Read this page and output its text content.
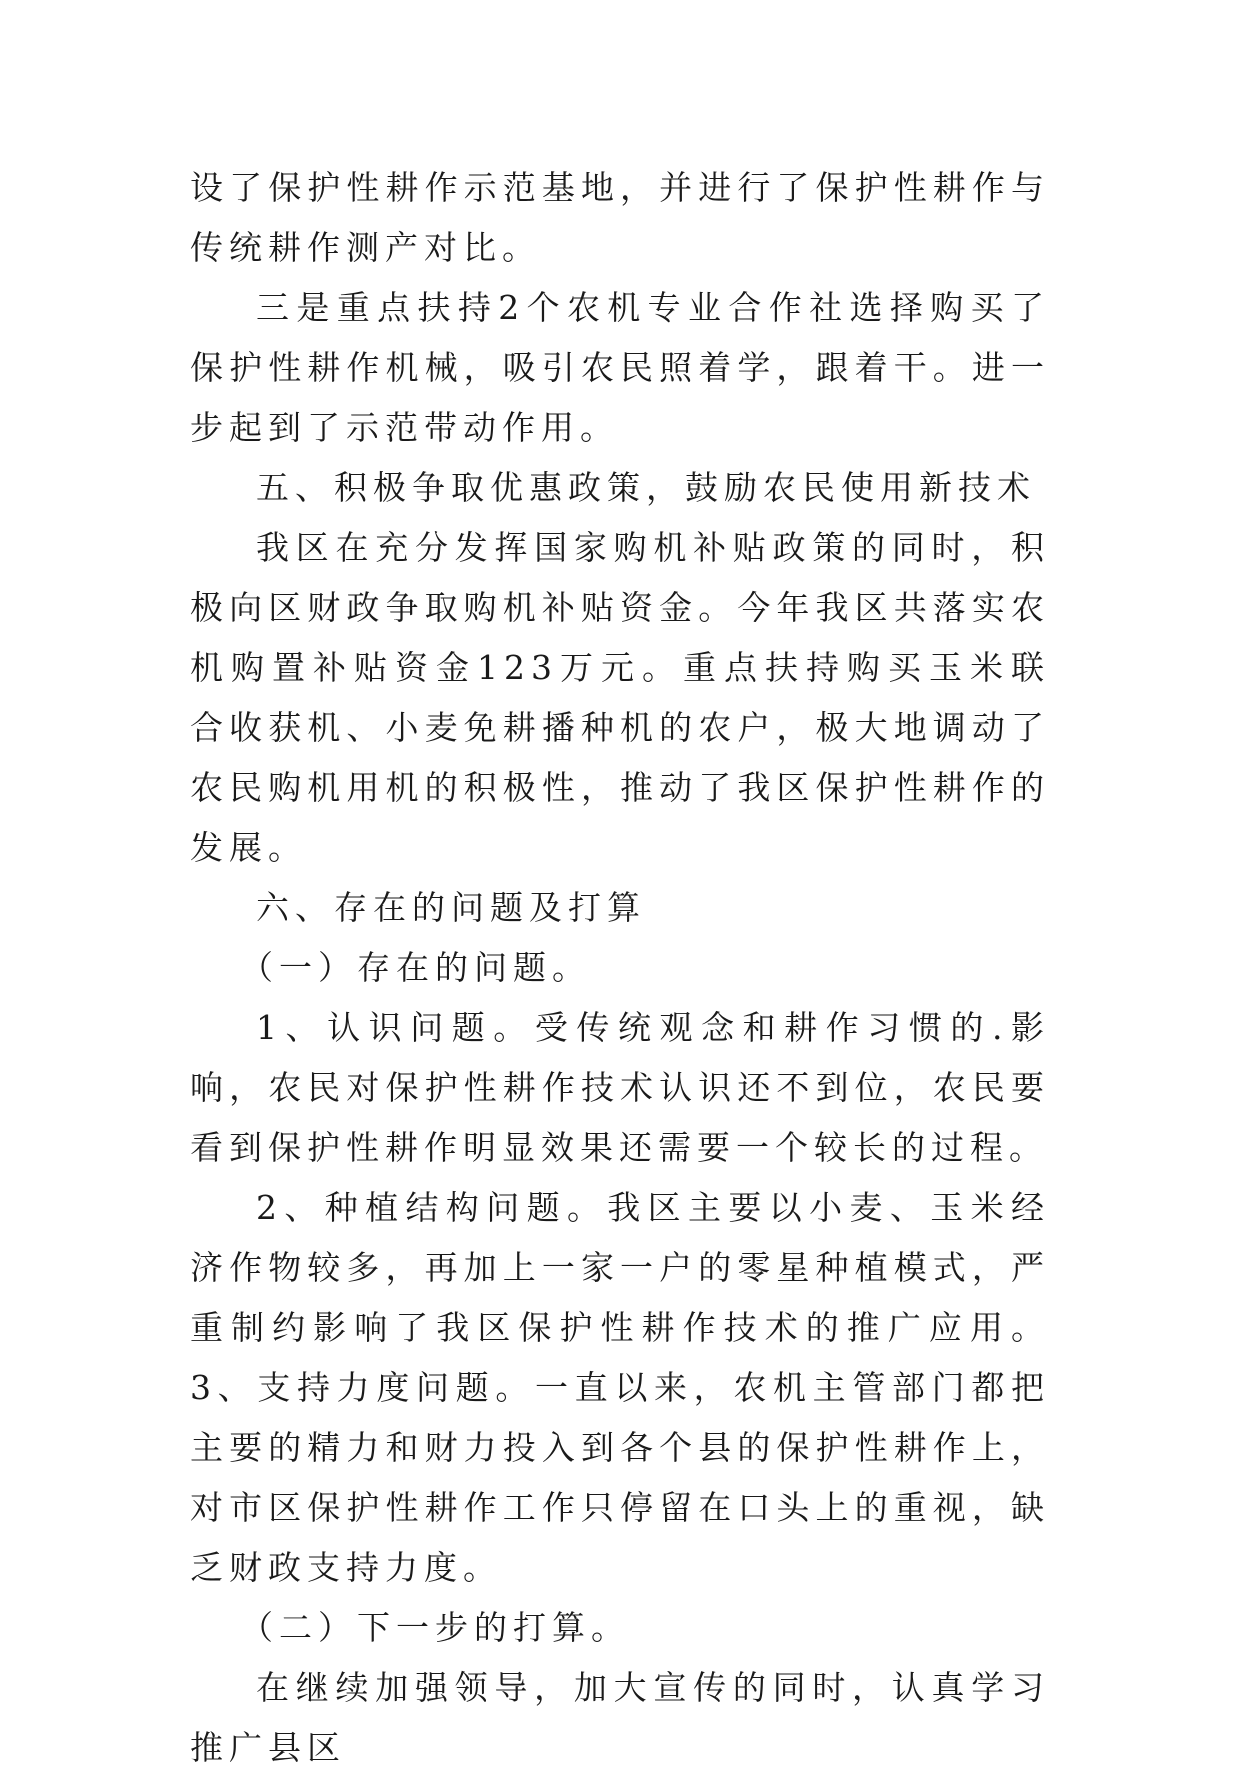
设了保护性耕作示范基地，并进行了保护性耕作与传统耕作测产对比。

三是重点扶持2个农机专业合作社选择购买了保护性耕作机械，吸引农民照着学，跟着干。进一步起到了示范带动作用。

五、积极争取优惠政策，鼓励农民使用新技术

我区在充分发挥国家购机补贴政策的同时，积极向区财政争取购机补贴资金。今年我区共落实农机购置补贴资金123万元。重点扶持购买玉米联合收获机、小麦免耕播种机的农户，极大地调动了农民购机用机的积极性，推动了我区保护性耕作的发展。

六、存在的问题及打算

（一）存在的问题。

1、认识问题。受传统观念和耕作习惯的.影响，农民对保护性耕作技术认识还不到位，农民要看到保护性耕作明显效果还需要一个较长的过程。

2、种植结构问题。我区主要以小麦、玉米经济作物较多，再加上一家一户的零星种植模式，严重制约影响了我区保护性耕作技术的推广应用。3、支持力度问题。一直以来，农机主管部门都把主要的精力和财力投入到各个县的保护性耕作上，对市区保护性耕作工作只停留在口头上的重视，缺乏财政支持力度。

（二）下一步的打算。

在继续加强领导，加大宣传的同时，认真学习推广县区
